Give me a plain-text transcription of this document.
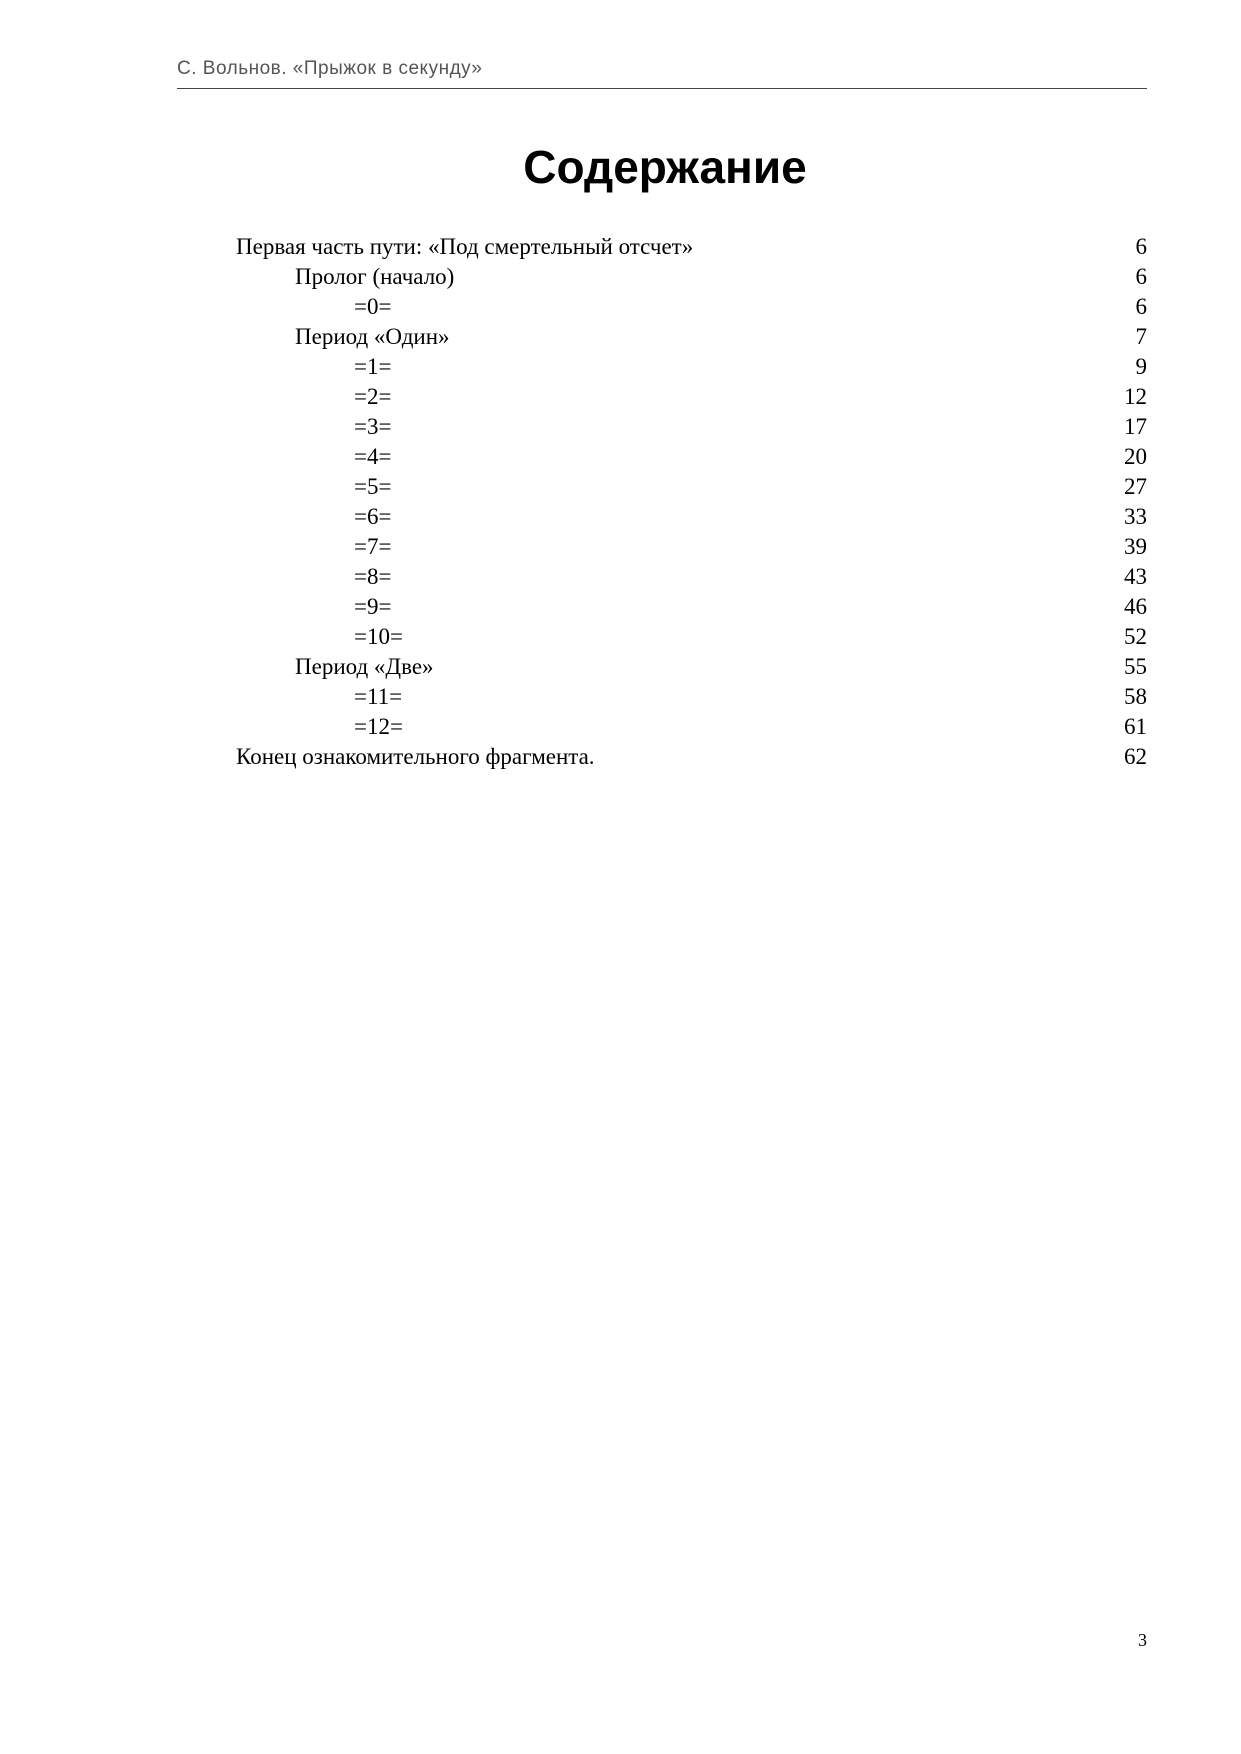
С. Вольнов. «Прыжок в секунду»
Содержание
Первая часть пути: «Под смертельный отсчет»	6
Пролог (начало)	6
=0=	6
Период «Один»	7
=1=	9
=2=	12
=3=	17
=4=	20
=5=	27
=6=	33
=7=	39
=8=	43
=9=	46
=10=	52
Период «Две»	55
=11=	58
=12=	61
Конец ознакомительного фрагмента.	62
3
